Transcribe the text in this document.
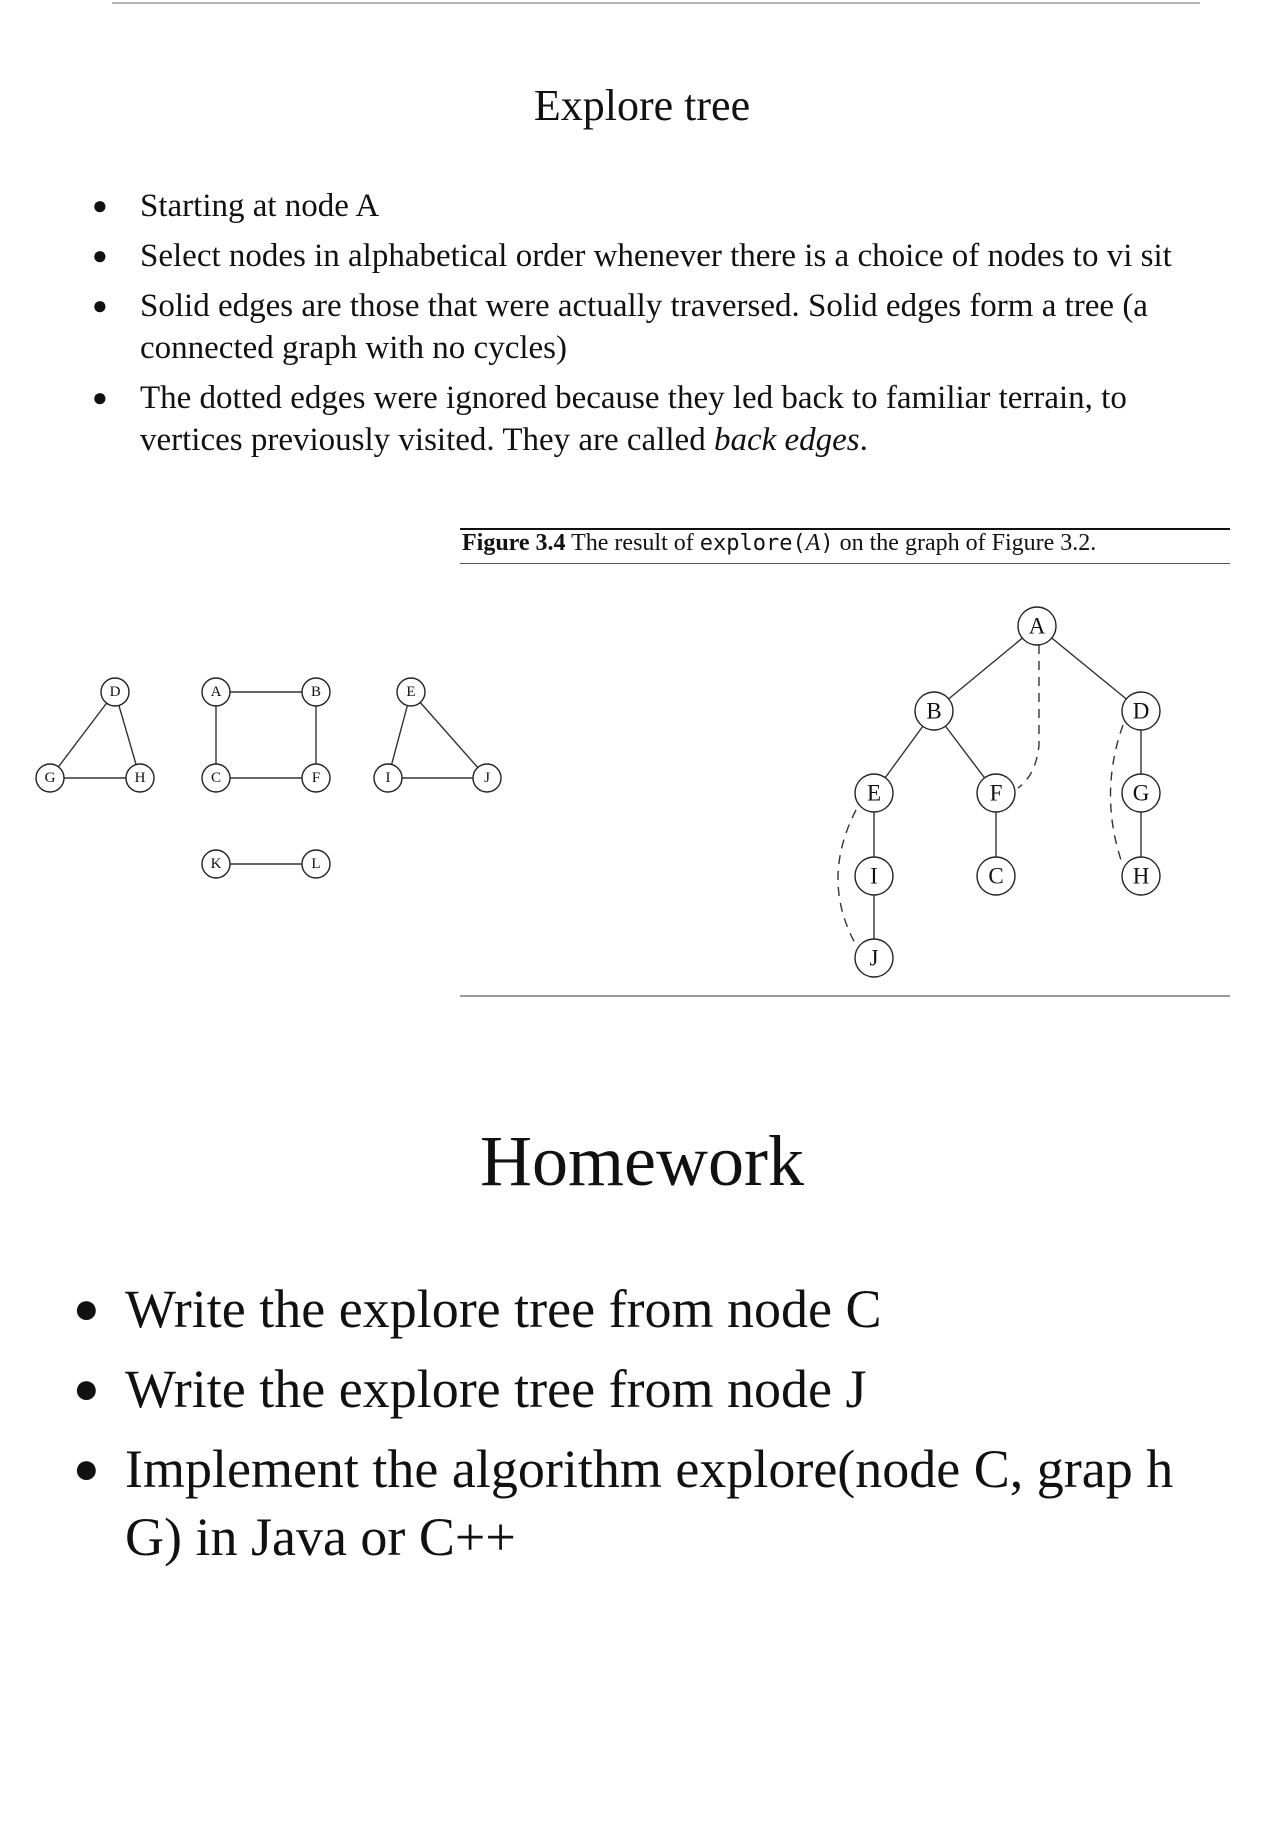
Explore tree
● Starting at node A
● Select nodes in alphabetical order whenever there is a choice of nodes to vi sit
● Solid edges are those that were actually traversed. Solid edges form a tree (a connected graph with no cycles)
● The dotted edges were ignored because they led back to familiar terrain, to vertices previously visited. They are called back edges.
Figure 3.4 The result of explore(A) on the graph of Figure 3.2.
D	A	B	E
G	H	C	F	I	J
K	L
A
B	D
E	F	G
I	C	H
J
Homework
● Write the explore tree from node C
● Write the explore tree from node J
● Implement the algorithm explore(node C, grap h G) in Java or C++
